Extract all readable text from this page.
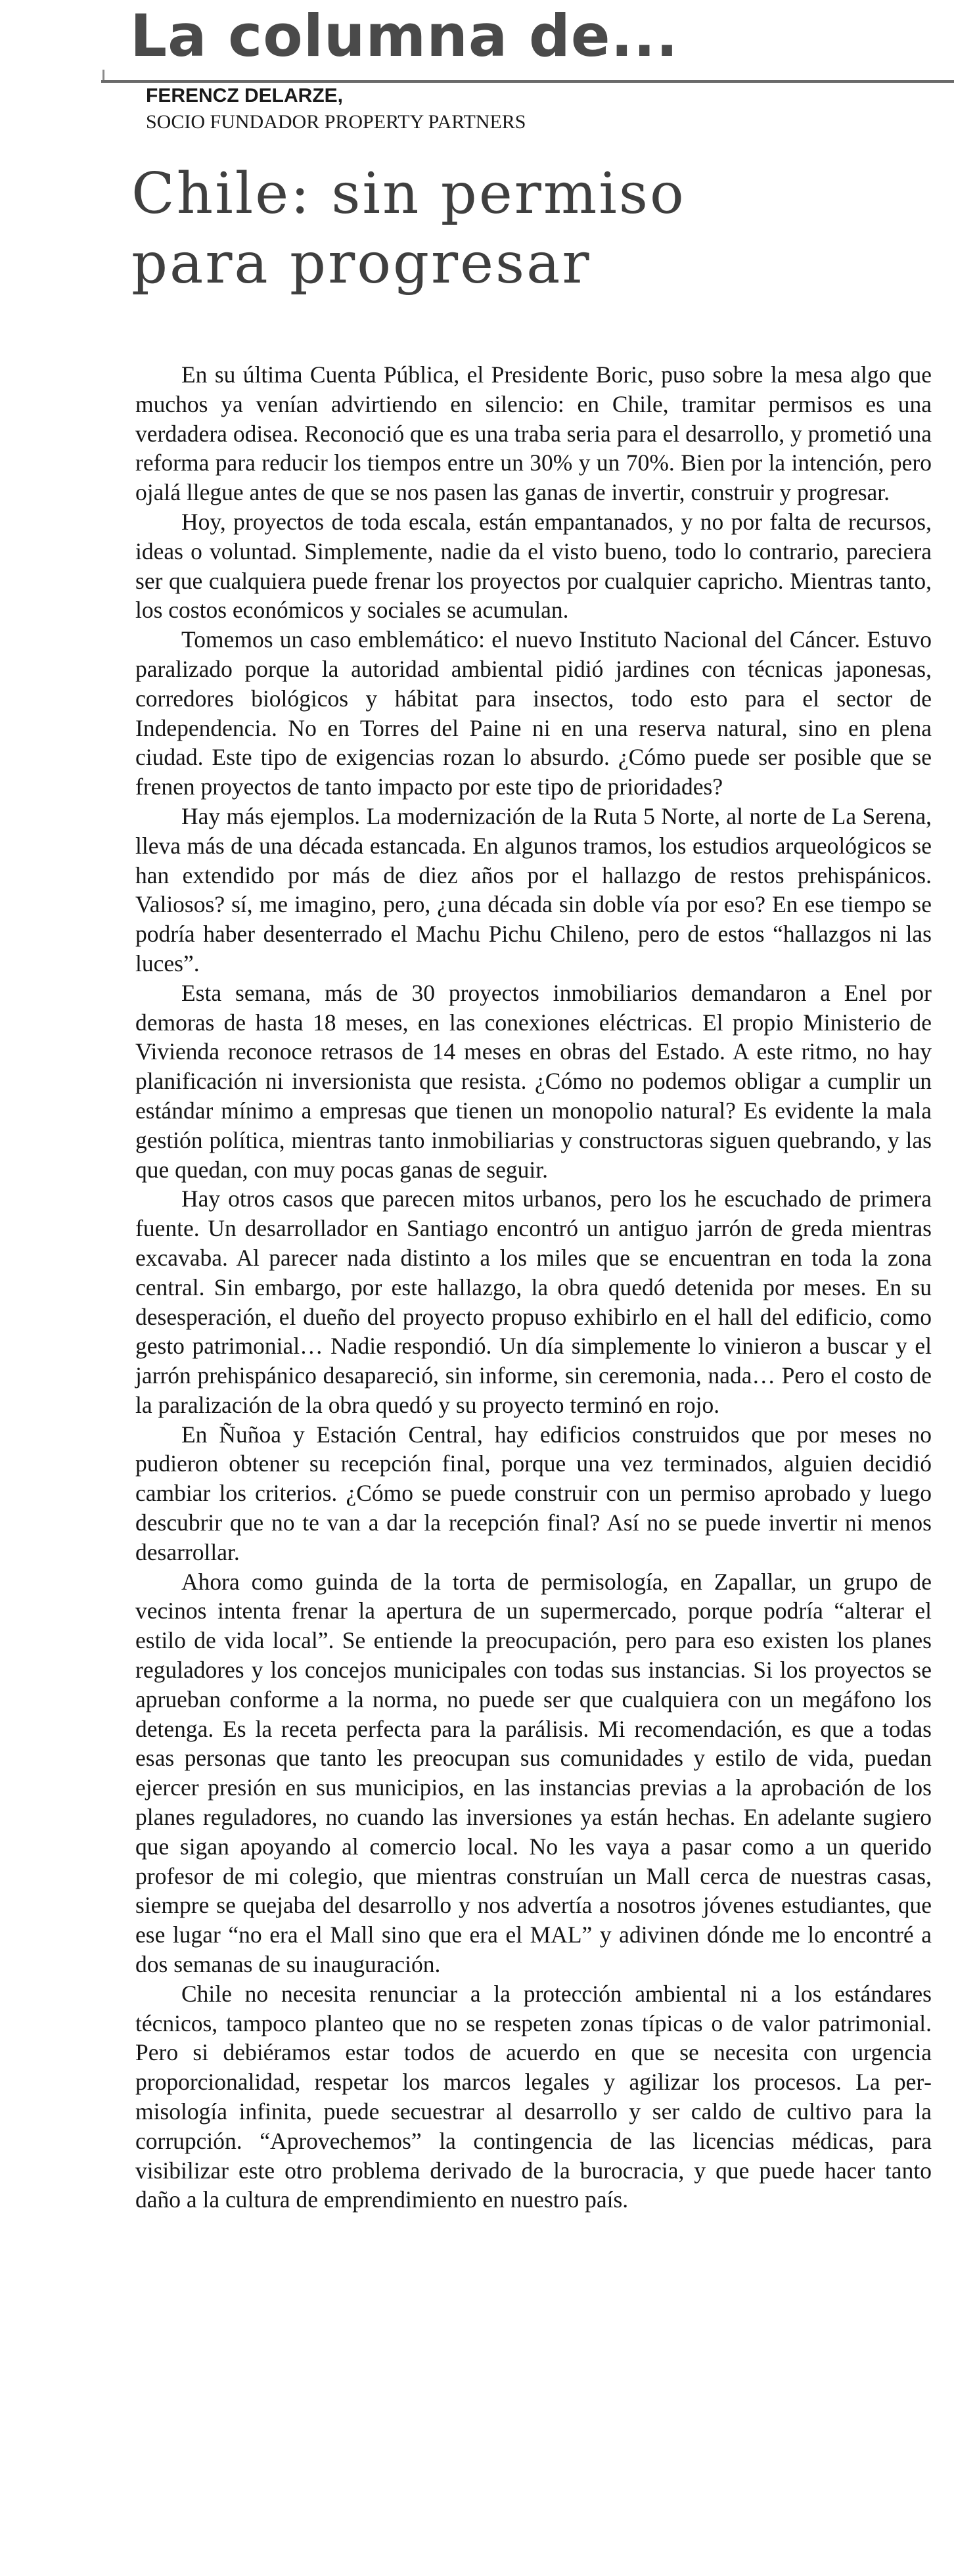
La columna de...
FERENCZ DELARZE,
SOCIO FUNDADOR PROPERTY PARTNERS
Chile: sin permiso
para progresar

En su última Cuenta Pública, el Presidente Boric, puso sobre la mesa algo que muchos ya venían advirtiendo en silencio: en Chile, tramitar permisos es una verdadera odisea. Reconoció que es una traba seria para el desarrollo, y prometió una reforma para reducir los tiempos entre un 30% y un 70%. Bien por la intención, pero ojalá llegue antes de que se nos pasen las ganas de invertir, construir y progresar.

Hoy, proyectos de toda escala, están empantanados, y no por falta de recursos, ideas o voluntad. Simplemente, nadie da el visto bueno, todo lo contrario, pareciera ser que cualquiera puede frenar los proyectos por cualquier capricho. Mientras tanto, los costos económicos y sociales se acumulan.

Tomemos un caso emblemático: el nuevo Instituto Nacional del Cáncer. Estuvo paralizado porque la autoridad ambiental pidió jardines con técnicas japonesas, corredores biológicos y hábitat para insectos, todo esto para el sector de Independencia. No en Torres del Paine ni en una reserva natural, sino en plena ciudad. Este tipo de exigencias rozan lo absurdo. ¿Cómo puede ser posible que se frenen proyectos de tanto impacto por este tipo de prioridades?

Hay más ejemplos. La modernización de la Ruta 5 Norte, al norte de La Serena, lleva más de una década estancada. En algunos tramos, los estudios arqueológicos se han extendido por más de diez años por el hallazgo de restos prehispánicos. Valiosos? sí, me imagino, pero, ¿una década sin doble vía por eso? En ese tiempo se podría haber desenterrado el Machu Pichu Chileno, pero de estos “hallazgos ni las luces”.

Esta semana, más de 30 proyectos inmobiliarios demandaron a Enel por demoras de hasta 18 meses, en las conexiones eléctricas. El propio Ministerio de Vivienda reconoce retrasos de 14 meses en obras del Estado. A este ritmo, no hay planificación ni inversionista que resista. ¿Cómo no podemos obligar a cumplir un estándar mínimo a empresas que tienen un monopolio natural? Es evidente la mala gestión política, mientras tanto inmobiliarias y constructoras siguen quebrando, y las que quedan, con muy pocas ganas de seguir.

Hay otros casos que parecen mitos urbanos, pero los he escuchado de primera fuente. Un desarrollador en Santiago encontró un antiguo jarrón de greda mientras excavaba. Al parecer nada distinto a los miles que se encuentran en toda la zona central. Sin embargo, por este hallazgo, la obra quedó detenida por meses. En su desesperación, el dueño del proyecto propuso exhibirlo en el hall del edificio, como gesto patrimonial… Nadie respondió. Un día simplemente lo vinieron a buscar y el jarrón prehispánico desapareció, sin informe, sin ceremonia, nada… Pero el costo de la paralización de la obra quedó y su proyecto terminó en rojo.

En Ñuñoa y Estación Central, hay edificios construidos que por meses no pudieron obtener su recepción final, porque una vez terminados, alguien decidió cambiar los criterios. ¿Cómo se puede construir con un permiso aprobado y luego descubrir que no te van a dar la recepción final? Así no se puede invertir ni menos desarrollar.

Ahora como guinda de la torta de permisología, en Zapallar, un grupo de vecinos intenta frenar la apertura de un supermercado, porque podría “alterar el estilo de vida local”. Se entiende la preocupación, pero para eso existen los planes reguladores y los concejos municipales con todas sus instancias. Si los proyectos se aprueban conforme a la norma, no puede ser que cualquiera con un megáfono los detenga. Es la receta perfecta para la parálisis. Mi recomendación, es que a todas esas personas que tanto les preocupan sus comunidades y estilo de vida, puedan ejercer presión en sus municipios, en las instancias previas a la aprobación de los planes reguladores, no cuando las inversiones ya están hechas. En adelante sugiero que sigan apoyando al comercio local. No les vaya a pasar como a un querido profesor de mi colegio, que mientras construían un Mall cerca de nuestras casas, siempre se quejaba del desarrollo y nos advertía a nosotros jóvenes estudiantes, que ese lugar “no era el Mall sino que era el MAL” y adivinen dónde me lo encontré a dos semanas de su inauguración.

Chile no necesita renunciar a la protección ambiental ni a los estándares técnicos, tampoco planteo que no se respeten zonas típicas o de valor patrimonial. Pero si debiéramos estar todos de acuerdo en que se necesita con urgencia proporcionalidad, respetar los marcos legales y agilizar los procesos. La permisología infinita, puede secuestrar al desarrollo y ser caldo de cultivo para la corrupción. “Aprovechemos” la contingencia de las licencias médicas, para visibilizar este otro problema derivado de la burocracia, y que puede hacer tanto daño a la cultura de emprendimiento en nuestro país.
